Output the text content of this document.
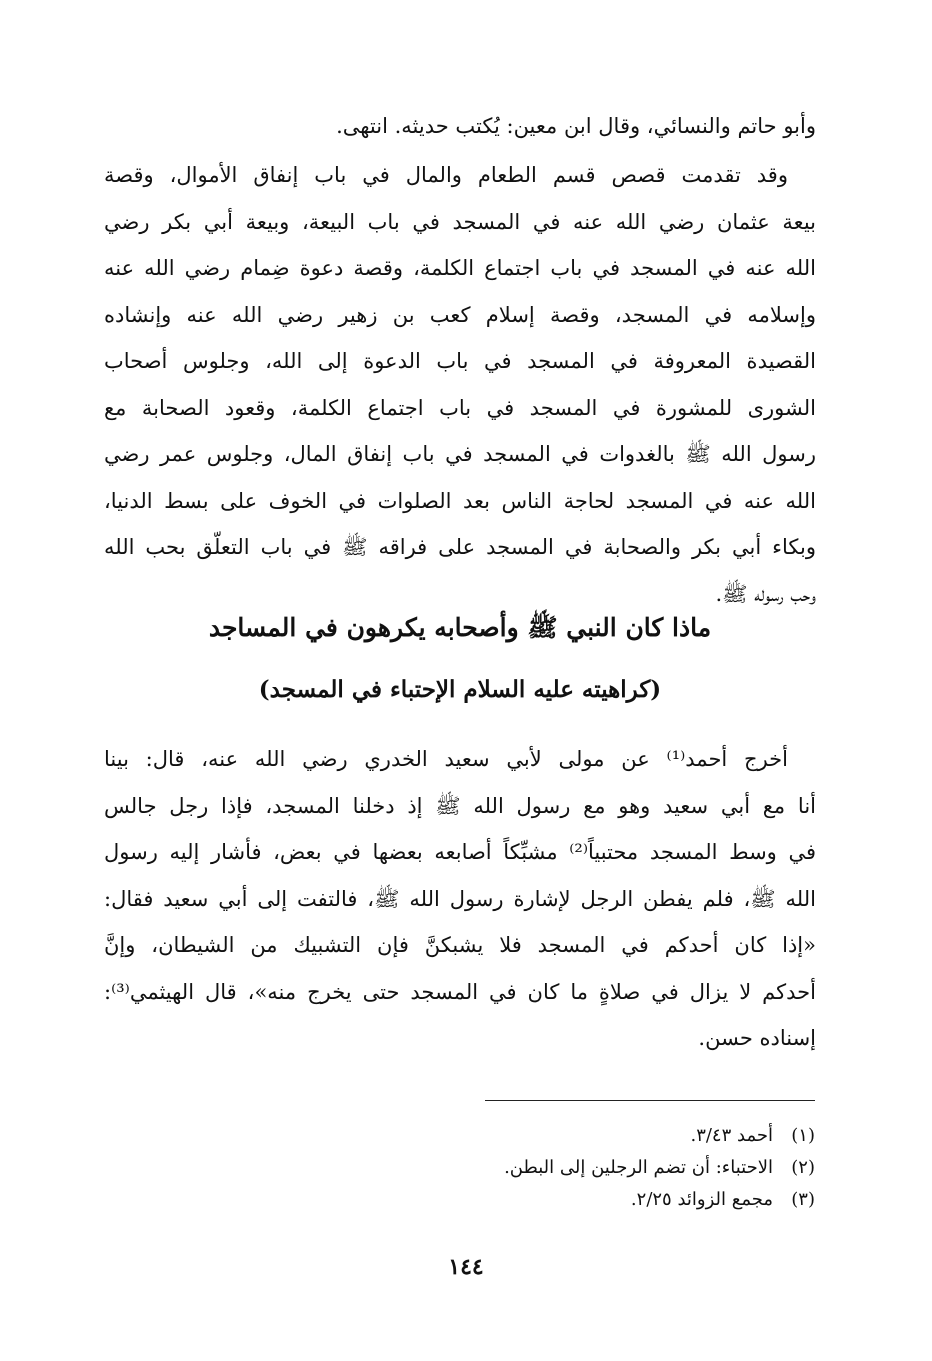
وأبو حاتم والنسائي، وقال ابن معين: يُكتب حديثه. انتهى.
وقد تقدمت قصص قسم الطعام والمال في باب إنفاق الأموال، وقصة
بيعة عثمان رضي الله عنه في المسجد في باب البيعة، وبيعة أبي بكر رضي
الله عنه في المسجد في باب اجتماع الكلمة، وقصة دعوة ضِمام رضي الله عنه
وإسلامه في المسجد، وقصة إسلام كعب بن زهير رضي الله عنه وإنشاده
القصيدة المعروفة في المسجد في باب الدعوة إلى الله، وجلوس أصحاب
الشورى للمشورة في المسجد في باب اجتماع الكلمة، وقعود الصحابة مع
رسول الله ﷺ بالغدوات في المسجد في باب إنفاق المال، وجلوس عمر رضي
الله عنه في المسجد لحاجة الناس بعد الصلوات في الخوف على بسط الدنيا،
وبكاء أبي بكر والصحابة في المسجد على فراقه ﷺ في باب التعلّق بحب الله
وحب رسوله ﷺ.
ماذا كان النبي ﷺ وأصحابه يكرهون في المساجد
(كراهيته عليه السلام الإحتباء في المسجد)
أخرج أحمد⁽¹⁾ عن مولى لأبي سعيد الخدري رضي الله عنه، قال: بينا
أنا مع أبي سعيد وهو مع رسول الله ﷺ إذ دخلنا المسجد، فإذا رجل جالس
في وسط المسجد محتبياً⁽²⁾ مشبِّكاً أصابعه بعضها في بعض، فأشار إليه رسول
الله ﷺ، فلم يفطن الرجل لإشارة رسول الله ﷺ، فالتفت إلى أبي سعيد فقال:
«إذا كان أحدكم في المسجد فلا يشبكنَّ فإن التشبيك من الشيطان، وإنَّ
أحدكم لا يزال في صلاةٍ ما كان في المسجد حتى يخرج منه»، قال الهيثمي⁽³⁾:
إسناده حسن.
(١)أحمد ٣/٤٣.
(٢)الاحتباء: أن تضم الرجلين إلى البطن.
(٣)مجمع الزوائد ٢/٢٥.
١٤٤
